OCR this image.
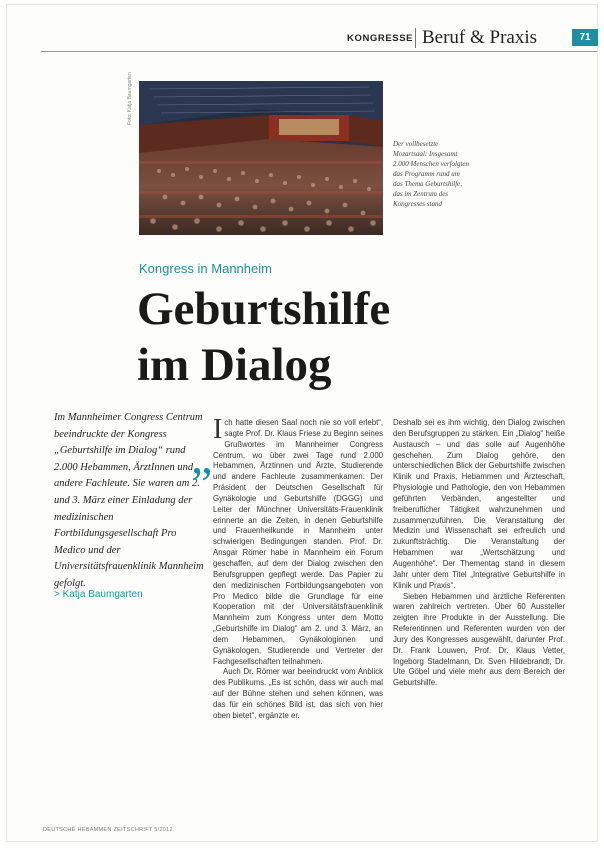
KONGRESSE Beruf & Praxis	71
Foto: Katja Baumgarten
Der vollbesetzte Mozartsaal: Insgesamt 2.000 Menschen verfolgten das Programm rund um das Thema Geburtshilfe, das im Zentrum des Kongresses stand
Kongress in Mannheim
Geburtshilfe
im Dialog
Im Mannheimer Congress Centrum beeindruckte der Kongress „Geburtshilfe im Dialog“ rund 2.000 Hebammen, ÄrztInnen und andere Fachleute. Sie waren am 2. und 3. März einer Einladung der medizinischen Fortbildungsgesellschaft Pro Medico und der Universitätsfrauenklinik Mannheim gefolgt.
> Katja Baumgarten
„

Ich hatte diesen Saal noch nie so voll erlebt“, sagte Prof. Dr. Klaus Friese zu Beginn seines Grußwortes im Mannheimer Congress Centrum, wo über zwei Tage rund 2.000 Hebammen, Ärztinnen und Ärzte, Studierende und andere Fachleute zusammenkamen. Der Präsident der Deutschen Gesellschaft für Gynäkologie und Geburtshilfe (DGGG) und Leiter der Münchner Universitäts-Frauenklinik erinnerte an die Zeiten, in denen Geburtshilfe und Frauenheilkunde in Mannheim unter schwierigen Bedingungen standen. Prof. Dr. Ansgar Römer habe in Mannheim ein Forum geschaffen, auf dem der Dialog zwischen den Berufsgruppen gepflegt werde. Das Papier zu den medizinischen Fortbildungsangeboten von Pro Medico bilde die Grundlage für eine Kooperation mit der Universitätsfrauenklinik Mannheim zum Kongress unter dem Motto „Geburtshilfe im Dialog“ am 2. und 3. März, an dem Hebammen, Gynäkologinnen und Gynäkologen, Studierende und Vertreter der Fachgesellschaften teilnahmen.

Auch Dr. Römer war beeindruckt vom Anblick des Publikums. „Es ist schön, dass wir auch mal auf der Bühne stehen und sehen können, was das für ein schönes Bild ist, das sich von hier oben bietet“, ergänzte er.

Deshalb sei es ihm wichtig, den Dialog zwischen den Berufsgruppen zu stärken. Ein „Dialog“ heiße Austausch – und das solle auf Augenhöhe geschehen. Zum Dialog gehöre, den unterschiedlichen Blick der Geburtshilfe zwischen Klinik und Praxis, Hebammen und Ärzteschaft, Physiologie und Pathologie, den von Hebammen geführten Verbänden, angestellter und freiberuflicher Tätigkeit wahrzunehmen und zusammenzuführen. Die Veranstaltung der Medizin und Wissenschaft sei erfreulich und zukunftsträchtig. Die Veranstaltung der Hebammen war „Wertschätzung und Augenhöhe“. Der Thementag stand in diesem Jahr unter dem Titel „Integrative Geburtshilfe in Klinik und Praxis“.

Sieben Hebammen und ärztliche Referenten waren zahlreich vertreten. Über 60 Aussteller zeigten ihre Produkte in der Ausstellung. Die Referentinnen und Referenten wurden von der Jury des Kongresses ausgewählt, darunter Prof. Dr. Frank Louwen, Prof. Dr. Klaus Vetter, Ingeborg Stadelmann, Dr. Sven Hildebrandt, Dr. Ute Göbel und viele mehr aus dem Bereich der Geburtshilfe.

DEUTSCHE HEBAMMEN ZEITSCHRIFT 5/2012
